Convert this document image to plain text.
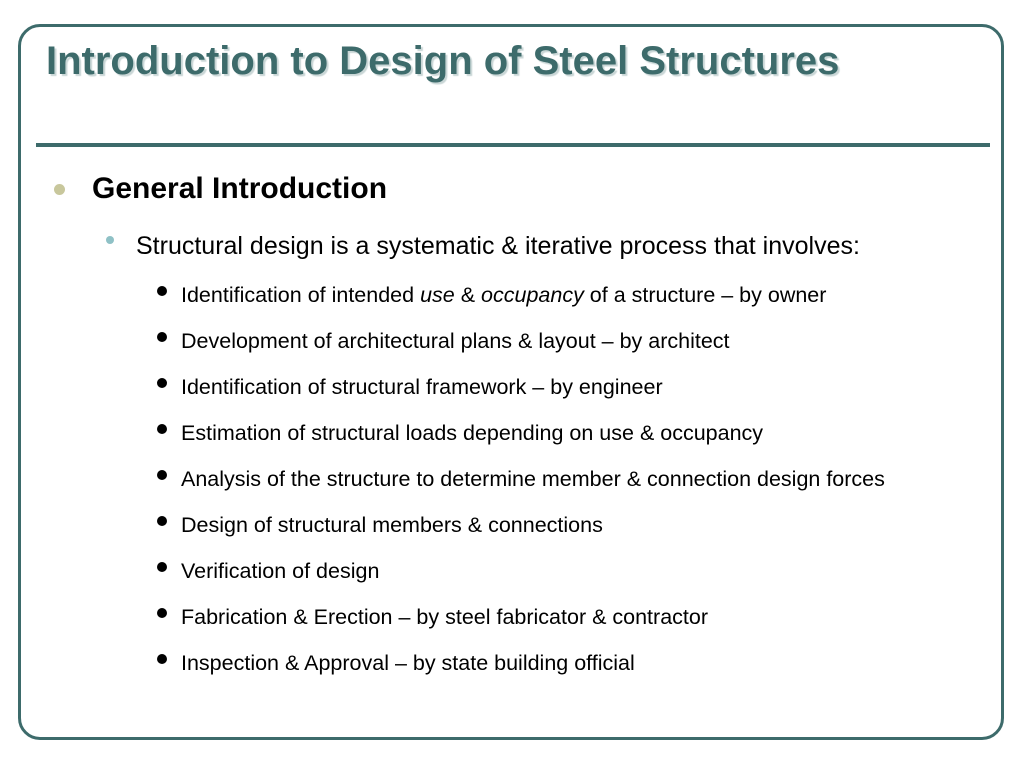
Introduction to Design of Steel Structures
General Introduction
Structural design is a systematic & iterative process that involves:
Identification of intended use & occupancy of a structure – by owner
Development of architectural plans & layout – by architect
Identification of structural framework – by engineer
Estimation of structural loads depending on use & occupancy
Analysis of the structure to determine member & connection design forces
Design of structural members & connections
Verification of design
Fabrication & Erection – by steel fabricator & contractor
Inspection & Approval – by state building official
